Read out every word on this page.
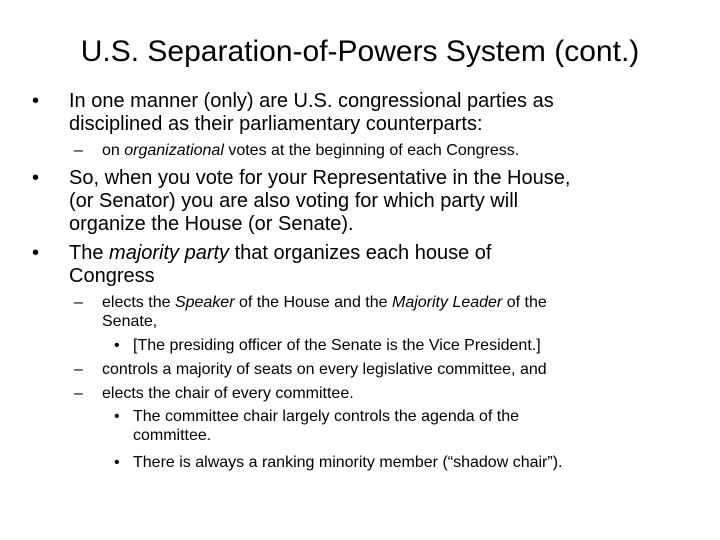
U.S. Separation-of-Powers System (cont.)
• In one manner (only) are U.S. congressional parties as
disciplined as their parliamentary counterparts:
– on organizational votes at the beginning of each Congress.
• So, when you vote for your Representative in the House,
(or Senator) you are also voting for which party will
organize the House (or Senate).
• The majority party that organizes each house of
Congress
– elects the Speaker of the House and the Majority Leader of the
Senate,
• [The presiding officer of the Senate is the Vice President.]
– controls a majority of seats on every legislative committee, and
– elects the chair of every committee.
• The committee chair largely controls the agenda of the
committee.
• There is always a ranking minority member (“shadow chair”).
